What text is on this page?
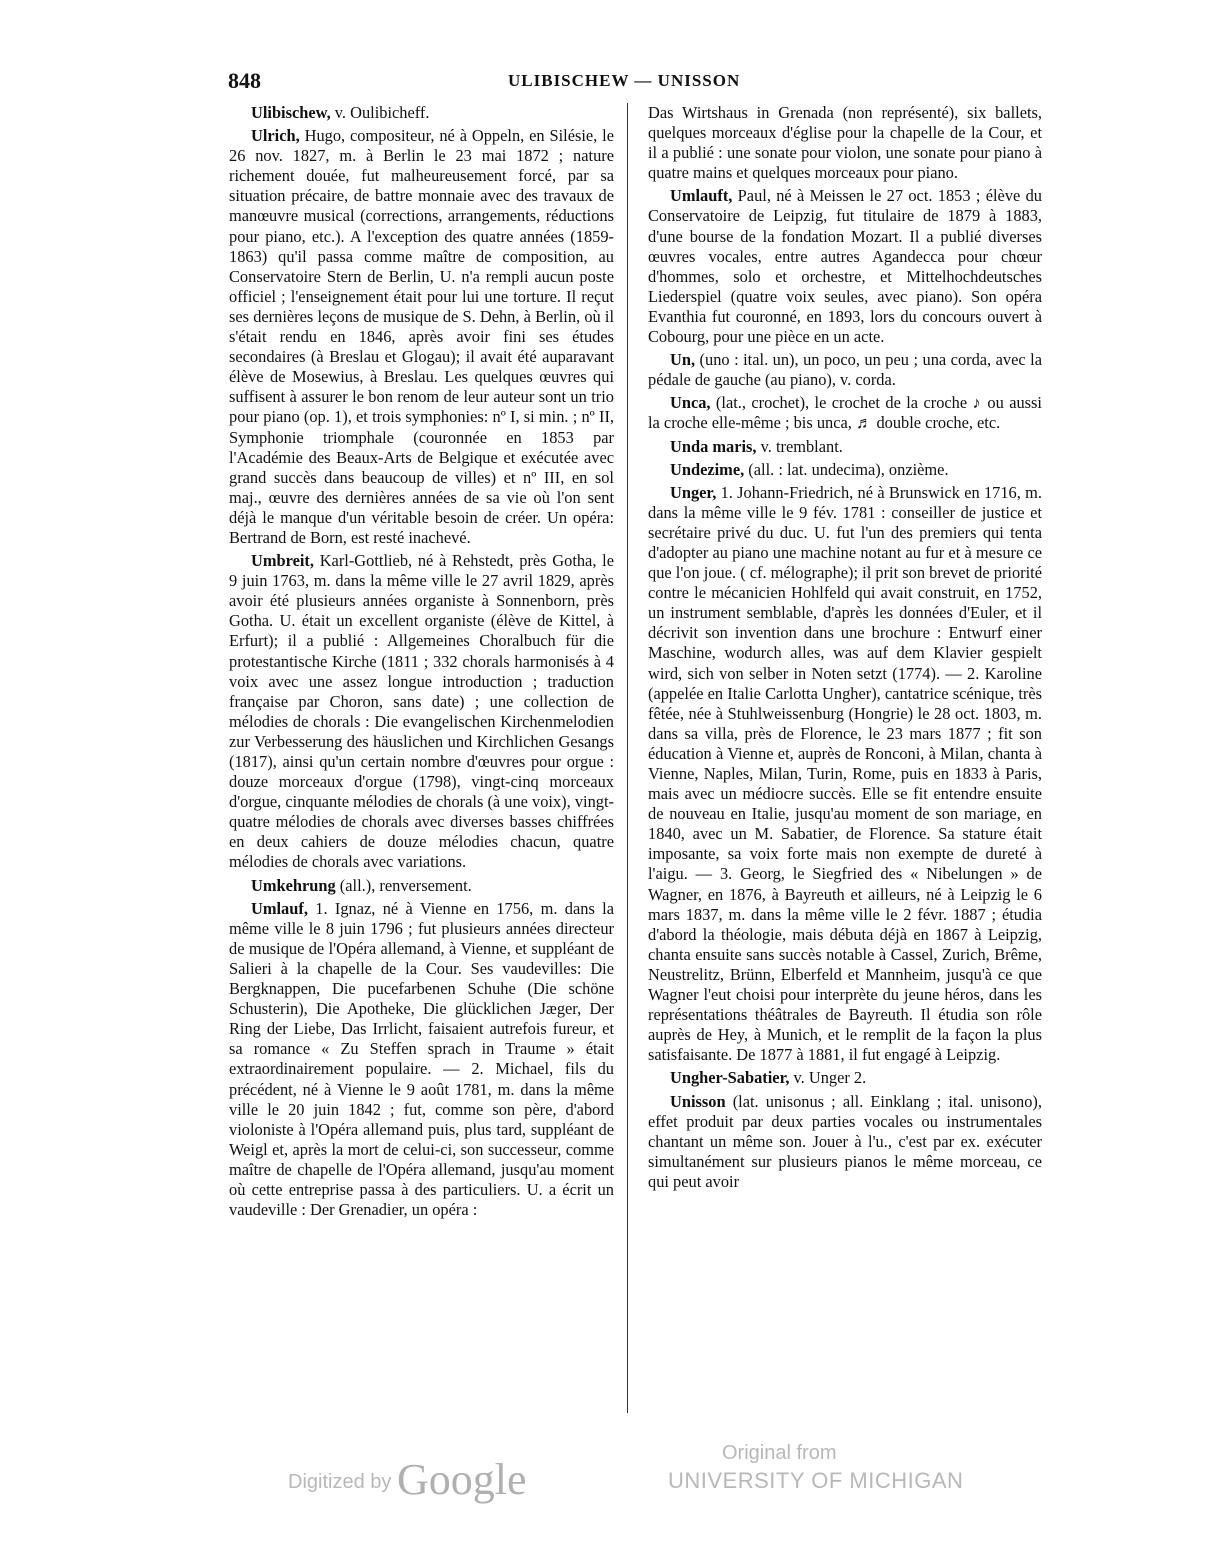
848	ULIBISCHEW — UNISSON

Ulibischew, v. Oulibicheff.

Ulrich, Hugo, compositeur, né à Oppeln, en Silésie, le 26 nov. 1827, m. à Berlin le 23 mai 1872 ; nature richement douée, fut malheureusement forcé, par sa situation précaire, de battre monnaie avec des travaux de manœuvre musical (corrections, arrangements, réductions pour piano, etc.). A l'exception des quatre années (1859-1863) qu'il passa comme maître de composition, au Conservatoire Stern de Berlin, U. n'a rempli aucun poste officiel ; l'enseignement était pour lui une torture. Il reçut ses dernières leçons de musique de S. Dehn, à Berlin, où il s'était rendu en 1846, après avoir fini ses études secondaires (à Breslau et Glogau); il avait été auparavant élève de Mosewius, à Breslau. Les quelques œuvres qui suffisent à assurer le bon renom de leur auteur sont un trio pour piano (op. 1), et trois symphonies: nº I, si min. ; nº II, Symphonie triomphale (couronnée en 1853 par l'Académie des Beaux-Arts de Belgique et exécutée avec grand succès dans beaucoup de villes) et nº III, en sol maj., œuvre des dernières années de sa vie où l'on sent déjà le manque d'un véritable besoin de créer. Un opéra: Bertrand de Born, est resté inachevé.

Umbreit, Karl-Gottlieb, né à Rehstedt, près Gotha, le 9 juin 1763, m. dans la même ville le 27 avril 1829, après avoir été plusieurs années organiste à Sonnenborn, près Gotha. U. était un excellent organiste (élève de Kittel, à Erfurt); il a publié : Allgemeines Choralbuch für die protestantische Kirche (1811 ; 332 chorals harmonisés à 4 voix avec une assez longue introduction ; traduction française par Choron, sans date) ; une collection de mélodies de chorals : Die evangelischen Kirchenmelodien zur Verbesserung des häuslichen und Kirchlichen Gesangs (1817), ainsi qu'un certain nombre d'œuvres pour orgue : douze morceaux d'orgue (1798), vingt-cinq morceaux d'orgue, cinquante mélodies de chorals (à une voix), vingt-quatre mélodies de chorals avec diverses basses chiffrées en deux cahiers de douze mélodies chacun, quatre mélodies de chorals avec variations.

Umkehrung (all.), renversement.

Umlauf, 1. Ignaz, né à Vienne en 1756, m. dans la même ville le 8 juin 1796 ; fut plusieurs années directeur de musique de l'Opéra allemand, à Vienne, et suppléant de Salieri à la chapelle de la Cour. Ses vaudevilles: Die Bergknappen, Die pucefarbenen Schuhe (Die schöne Schusterin), Die Apotheke, Die glücklichen Jæger, Der Ring der Liebe, Das Irrlicht, faisaient autrefois fureur, et sa romance « Zu Steffen sprach in Traume » était extraordinairement populaire. — 2. Michael, fils du précédent, né à Vienne le 9 août 1781, m. dans la même ville le 20 juin 1842 ; fut, comme son père, d'abord violoniste à l'Opéra allemand puis, plus tard, suppléant de Weigl et, après la mort de celui-ci, son successeur, comme maître de chapelle de l'Opéra allemand, jusqu'au moment où cette entreprise passa à des particuliers. U. a écrit un vaudeville : Der Grenadier, un opéra :

Das Wirtshaus in Grenada (non représenté), six ballets, quelques morceaux d'église pour la chapelle de la Cour, et il a publié : une sonate pour violon, une sonate pour piano à quatre mains et quelques morceaux pour piano.

Umlauft, Paul, né à Meissen le 27 oct. 1853 ; élève du Conservatoire de Leipzig, fut titulaire de 1879 à 1883, d'une bourse de la fondation Mozart. Il a publié diverses œuvres vocales, entre autres Agandecca pour chœur d'hommes, solo et orchestre, et Mittelhochdeutsches Liederspiel (quatre voix seules, avec piano). Son opéra Evanthia fut couronné, en 1893, lors du concours ouvert à Cobourg, pour une pièce en un acte.

Un, (uno : ital. un), un poco, un peu ; una corda, avec la pédale de gauche (au piano), v. corda.

Unca, (lat., crochet), le crochet de la croche ♪ ou aussi la croche elle-même ; bis unca, ♬ double croche, etc.

Unda maris, v. tremblant.

Undezime, (all. : lat. undecima), onzième.

Unger, 1. Johann-Friedrich, né à Brunswick en 1716, m. dans la même ville le 9 fév. 1781 : conseiller de justice et secrétaire privé du duc. U. fut l'un des premiers qui tenta d'adopter au piano une machine notant au fur et à mesure ce que l'on joue. ( cf. mélographe); il prit son brevet de priorité contre le mécanicien Hohlfeld qui avait construit, en 1752, un instrument semblable, d'après les données d'Euler, et il décrivit son invention dans une brochure : Entwurf einer Maschine, wodurch alles, was auf dem Klavier gespielt wird, sich von selber in Noten setzt (1774). — 2. Karoline (appelée en Italie Carlotta Ungher), cantatrice scénique, très fêtée, née à Stuhlweissenburg (Hongrie) le 28 oct. 1803, m. dans sa villa, près de Florence, le 23 mars 1877 ; fit son éducation à Vienne et, auprès de Ronconi, à Milan, chanta à Vienne, Naples, Milan, Turin, Rome, puis en 1833 à Paris, mais avec un médiocre succès. Elle se fit entendre ensuite de nouveau en Italie, jusqu'au moment de son mariage, en 1840, avec un M. Sabatier, de Florence. Sa stature était imposante, sa voix forte mais non exempte de dureté à l'aigu. — 3. Georg, le Siegfried des « Nibelungen » de Wagner, en 1876, à Bayreuth et ailleurs, né à Leipzig le 6 mars 1837, m. dans la même ville le 2 févr. 1887 ; étudia d'abord la théologie, mais débuta déjà en 1867 à Leipzig, chanta ensuite sans succès notable à Cassel, Zurich, Brême, Neustrelitz, Brünn, Elberfeld et Mannheim, jusqu'à ce que Wagner l'eut choisi pour interprète du jeune héros, dans les représentations théâtrales de Bayreuth. Il étudia son rôle auprès de Hey, à Munich, et le remplit de la façon la plus satisfaisante. De 1877 à 1881, il fut engagé à Leipzig.

Ungher-Sabatier, v. Unger 2.

Unisson (lat. unisonus ; all. Einklang ; ital. unisono), effet produit par deux parties vocales ou instrumentales chantant un même son. Jouer à l'u., c'est par ex. exécuter simultanément sur plusieurs pianos le même morceau, ce qui peut avoir

Digitized by Google
Original from
UNIVERSITY OF MICHIGAN
